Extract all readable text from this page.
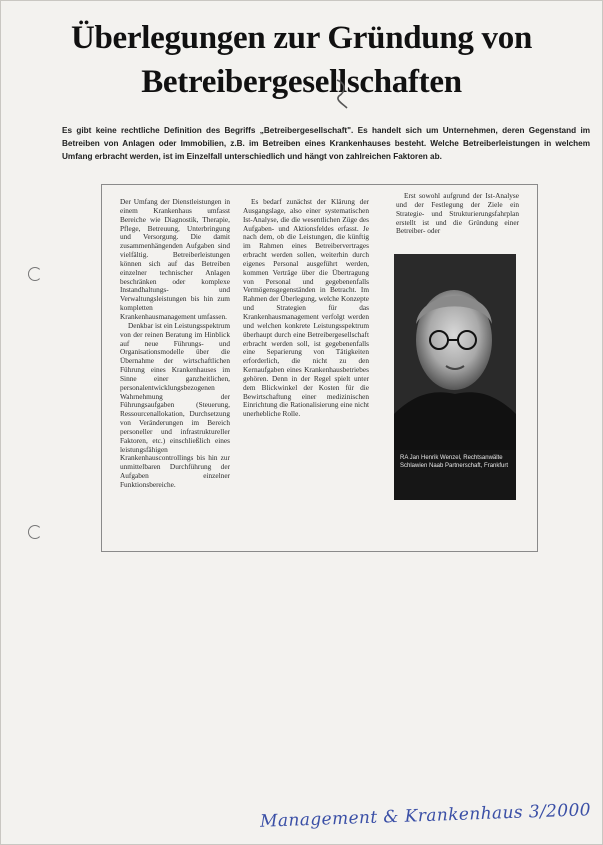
Überlegungen zur Gründung von
Betreibergesellschaften
Es gibt keine rechtliche Definition des Begriffs „Betreibergesellschaft". Es handelt sich um Unternehmen, deren Gegenstand im Betreiben von Anlagen oder Immobilien, z.B. im Betreiben eines Krankenhauses besteht. Welche Betreiberleistungen in welchem Umfang erbracht werden, ist im Einzelfall unterschiedlich und hängt von zahlreichen Faktoren ab.

Der Umfang der Dienstleistungen in einem Krankenhaus umfasst Bereiche wie Diagnostik, Therapie, Pflege, Betreuung, Unterbringung und Versorgung. Die damit zusammenhängenden Aufgaben sind vielfältig. Betreiberleistungen können sich auf das Betreiben einzelner technischer Anlagen beschränken oder komplexe Instandhaltungs- und Verwaltungsleistungen bis hin zum kompletten Krankenhausmanagement umfassen.

Denkbar ist ein Leistungsspektrum von der reinen Beratung im Hinblick auf neue Führungs- und Organisationsmodelle über die Übernahme der wirtschaftlichen Führung eines Krankenhauses im Sinne einer ganzheitlichen, personalentwicklungsbezogenen Wahrnehmung der Führungsaufgaben (Steuerung, Ressourcenallokation, Durchsetzung von Veränderungen im Bereich personeller und infrastruktureller Faktoren, etc.) einschließlich eines leistungsfähigen Krankenhauscontrollings bis hin zur unmittelbaren Durchführung der Aufgaben einzelner Funktionsbereiche.

Es bedarf zunächst der Klärung der Ausgangslage, also einer systematischen Ist-Analyse, die die wesentlichen Züge des Aufgaben- und Aktionsfeldes erfasst. Je nach dem, ob die Leistungen, die künftig im Rahmen eines Betreibervertrages erbracht werden sollen, weiterhin durch eigenes Personal ausgeführt werden, kommen Verträge über die Übertragung von Personal und gegebenenfalls Vermögensgegenständen in Betracht. Im Rahmen der Überlegung, welche Konzepte und Strategien für das Krankenhausmanagement verfolgt werden und welchen konkrete Leistungsspektrum überhaupt durch eine Betreibergesellschaft erbracht werden soll, ist gegebenenfalls eine Separierung von Tätigkeiten erforderlich, die nicht zu den Kernaufgaben eines Krankenhausbetriebes gehören. Denn in der Regel spielt unter dem Blickwinkel der Kosten für die Bewirtschaftung einer medizinischen Einrichtung die Rationalisierung eine nicht unerhebliche Rolle.

Erst sowohl aufgrund der Ist-Analyse und der Festlegung der Ziele ein Strategie- und Strukturierungsfahrplan erstellt ist und die Gründung einer Betreiber- oder

RA Jan Henrik Wenzel, Rechtsanwälte Schlawien Naab Partnerschaft, Frankfurt
Management & Krankenhaus 3/2000
